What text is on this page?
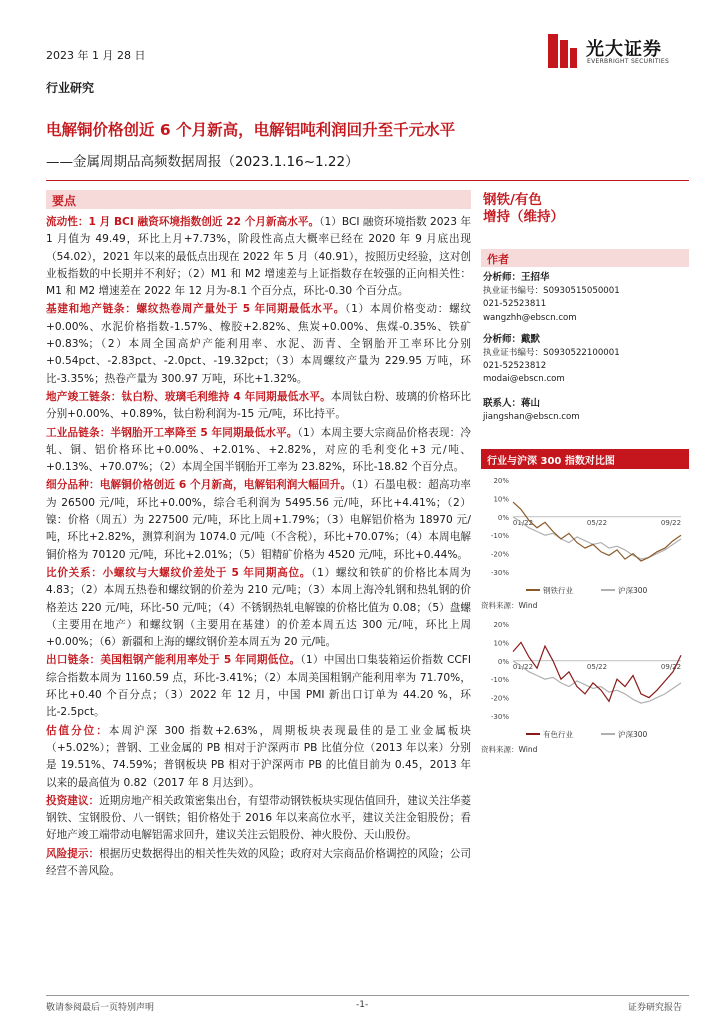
2023 年 1 月 28 日	光大证券
EVERBRIGHT SECURITIES
行业研究
电解铜价格创近 6 个月新高，电解铝吨利润回升至千元水平
——金属周期品高频数据周报（2023.1.16~1.22）
要点

流动性：1 月 BCI 融资环境指数创近 22 个月新高水平。（1）BCI 融资环境指数 2023 年 1 月值为 49.49，环比上月+7.73%，阶段性高点大概率已经在 2020 年 9 月底出现（54.02），2021 年以来的最低点出现在 2022 年 5 月（40.91），按照历史经验，这对创业板指数的中长期并不利好；（2）M1 和 M2 增速差与上证指数存在较强的正向相关性：M1 和 M2 增速差在 2022 年 12 月为-8.1 个百分点，环比-0.30 个百分点。

基建和地产链条：螺纹热卷周产量处于 5 年同期最低水平。（1）本周价格变动：螺纹 +0.00%、水泥价格指数-1.57%、橡胶+2.82%、焦炭+0.00%、焦煤-0.35%、铁矿+0.83%；（2）本周全国高炉产能利用率、水泥、沥青、全钢胎开工率环比分别+0.54pct、-2.83pct、-2.0pct、-19.32pct；（3）本周螺纹产量为 229.95 万吨，环比-3.35%；热卷产量为 300.97 万吨，环比+1.32%。

地产竣工链条：钛白粉、玻璃毛利维持 4 年同期最低水平。本周钛白粉、玻璃的价格环比分别+0.00%、+0.89%，钛白粉利润为-15 元/吨，环比持平。

工业品链条：半钢胎开工率降至 5 年同期最低水平。（1）本周主要大宗商品价格表现：冷轧、铜、铝价格环比+0.00%、+2.01%、+2.82%，对应的毛利变化+3 元/吨、+0.13%、+70.07%；（2）本周全国半钢胎开工率为 23.82%，环比-18.82 个百分点。

细分品种：电解铜价格创近 6 个月新高，电解铝利润大幅回升。（1）石墨电极：超高功率为 26500 元/吨，环比+0.00%，综合毛利润为 5495.56 元/吨，环比+4.41%；（2）镍：价格（周五）为 227500 元/吨，环比上周+1.79%；（3）电解铝价格为 18970 元/吨，环比+2.82%，测算利润为 1074.0 元/吨（不含税），环比+70.07%；（4）本周电解铜价格为 70120 元/吨，环比+2.01%；（5）钼精矿价格为 4520 元/吨，环比+0.44%。

比价关系：小螺纹与大螺纹价差处于 5 年同期高位。（1）螺纹和铁矿的价格比本周为 4.83；（2）本周五热卷和螺纹钢的价差为 210 元/吨；（3）本周上海冷轧钢和热轧钢的价格差达 220 元/吨，环比-50 元/吨；（4）不锈钢热轧电解镍的价格比值为 0.08；（5）盘螺（主要用在地产）和螺纹钢（主要用在基建）的价差本周五达 300 元/吨，环比上周+0.00%；（6）新疆和上海的螺纹钢价差本周五为 20 元/吨。

出口链条：美国粗钢产能利用率处于 5 年同期低位。（1）中国出口集装箱运价指数 CCFI 综合指数本周为 1160.59 点，环比-3.41%；（2）本周美国粗钢产能利用率为 71.70%，环比+0.40 个百分点；（3）2022 年 12 月，中国 PMI 新出口订单为 44.20 %，环比-2.5pct。

估值分位：本周沪深 300 指数+2.63%，周期板块表现最佳的是工业金属板块（+5.02%）；普钢、工业金属的 PB 相对于沪深两市 PB 比值分位（2013 年以来）分别是 19.51%、74.59%；普钢板块 PB 相对于沪深两市 PB 的比值目前为 0.45，2013 年以来的最高值为 0.82（2017 年 8 月达到）。

投资建议：近期房地产相关政策密集出台，有望带动钢铁板块实现估值回升，建议关注华菱钢铁、宝钢股份、八一钢铁；钼价格处于 2016 年以来高位水平，建议关注金钼股份；看好地产竣工端带动电解铝需求回升，建议关注云铝股份、神火股份、天山股份。

风险提示：根据历史数据得出的相关性失效的风险；政府对大宗商品价格调控的风险；公司经营不善风险。

钢铁/有色
增持（维持）
作者
分析师：王招华
执业证书编号：S0930515050001
021-52523811
wangzhh@ebscn.com
分析师：戴默
执业证书编号：S0930522100001
021-52523812
modai@ebscn.com
联系人：蒋山
jiangshan@ebscn.com
行业与沪深 300 指数对比图
20%
10%
0%
-10%
-20%
-30%
01/22	05/22	09/22
钢铁行业	沪深300
资料来源：Wind
20%
10%
0%
-10%
-20%
-30%
01/22	05/22	09/22
有色行业	沪深300
资料来源：Wind
敬请参阅最后一页特别声明	-1-	证券研究报告
